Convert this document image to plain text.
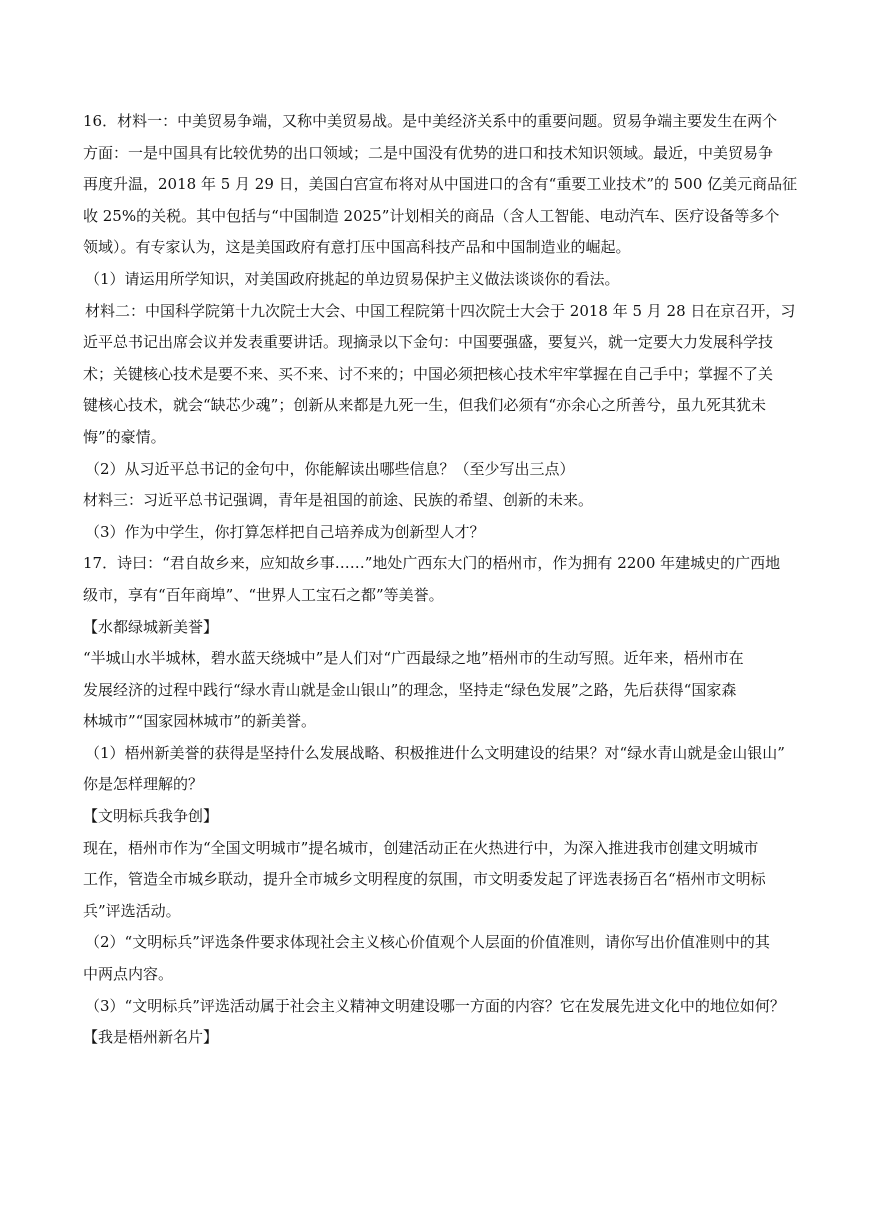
16．材料一：中美贸易争端，又称中美贸易战。是中美经济关系中的重要问题。贸易争端主要发生在两个
方面：一是中国具有比较优势的出口领域；二是中国没有优势的进口和技术知识领域。最近，中美贸易争
再度升温，2018 年 5 月 29 日，美国白宫宣布将对从中国进口的含有“重要工业技术”的 500 亿美元商品征
收 25%的关税。其中包括与“中国制造 2025”计划相关的商品（含人工智能、电动汽车、医疗设备等多个
领域）。有专家认为，这是美国政府有意打压中国高科技产品和中国制造业的崛起。
（1）请运用所学知识，对美国政府挑起的单边贸易保护主义做法谈谈你的看法。
材料二：中国科学院第十九次院士大会、中国工程院第十四次院士大会于 2018 年 5 月 28 日在京召开，习
近平总书记出席会议并发表重要讲话。现摘录以下金句：中国要强盛，要复兴，就一定要大力发展科学技
术；关键核心技术是要不来、买不来、讨不来的；中国必须把核心技术牢牢掌握在自己手中；掌握不了关
键核心技术，就会“缺芯少魂”；创新从来都是九死一生，但我们必须有“亦余心之所善兮，虽九死其犹未
悔”的豪情。
（2）从习近平总书记的金句中，你能解读出哪些信息？（至少写出三点）
材料三：习近平总书记强调，青年是祖国的前途、民族的希望、创新的未来。
（3）作为中学生，你打算怎样把自己培养成为创新型人才？
17．诗曰：“君自故乡来，应知故乡事……”地处广西东大门的梧州市，作为拥有 2200 年建城史的广西地
级市，享有“百年商埠”、“世界人工宝石之都”等美誉。
【水都绿城新美誉】
“半城山水半城林，碧水蓝天绕城中”是人们对“广西最绿之地”梧州市的生动写照。近年来，梧州市在
发展经济的过程中践行“绿水青山就是金山银山”的理念，坚持走“绿色发展”之路，先后获得“国家森
林城市”“国家园林城市”的新美誉。
（1）梧州新美誉的获得是坚持什么发展战略、积极推进什么文明建设的结果？对“绿水青山就是金山银山”
你是怎样理解的？
【文明标兵我争创】
现在，梧州市作为“全国文明城市”提名城市，创建活动正在火热进行中，为深入推进我市创建文明城市
工作，管造全市城乡联动，提升全市城乡文明程度的氛围，市文明委发起了评选表扬百名“梧州市文明标
兵”评选活动。
（2）“文明标兵”评选条件要求体现社会主义核心价值观个人层面的价值准则，请你写出价值准则中的其
中两点内容。
（3）“文明标兵”评选活动属于社会主义精神文明建设哪一方面的内容？它在发展先进文化中的地位如何？
【我是梧州新名片】
